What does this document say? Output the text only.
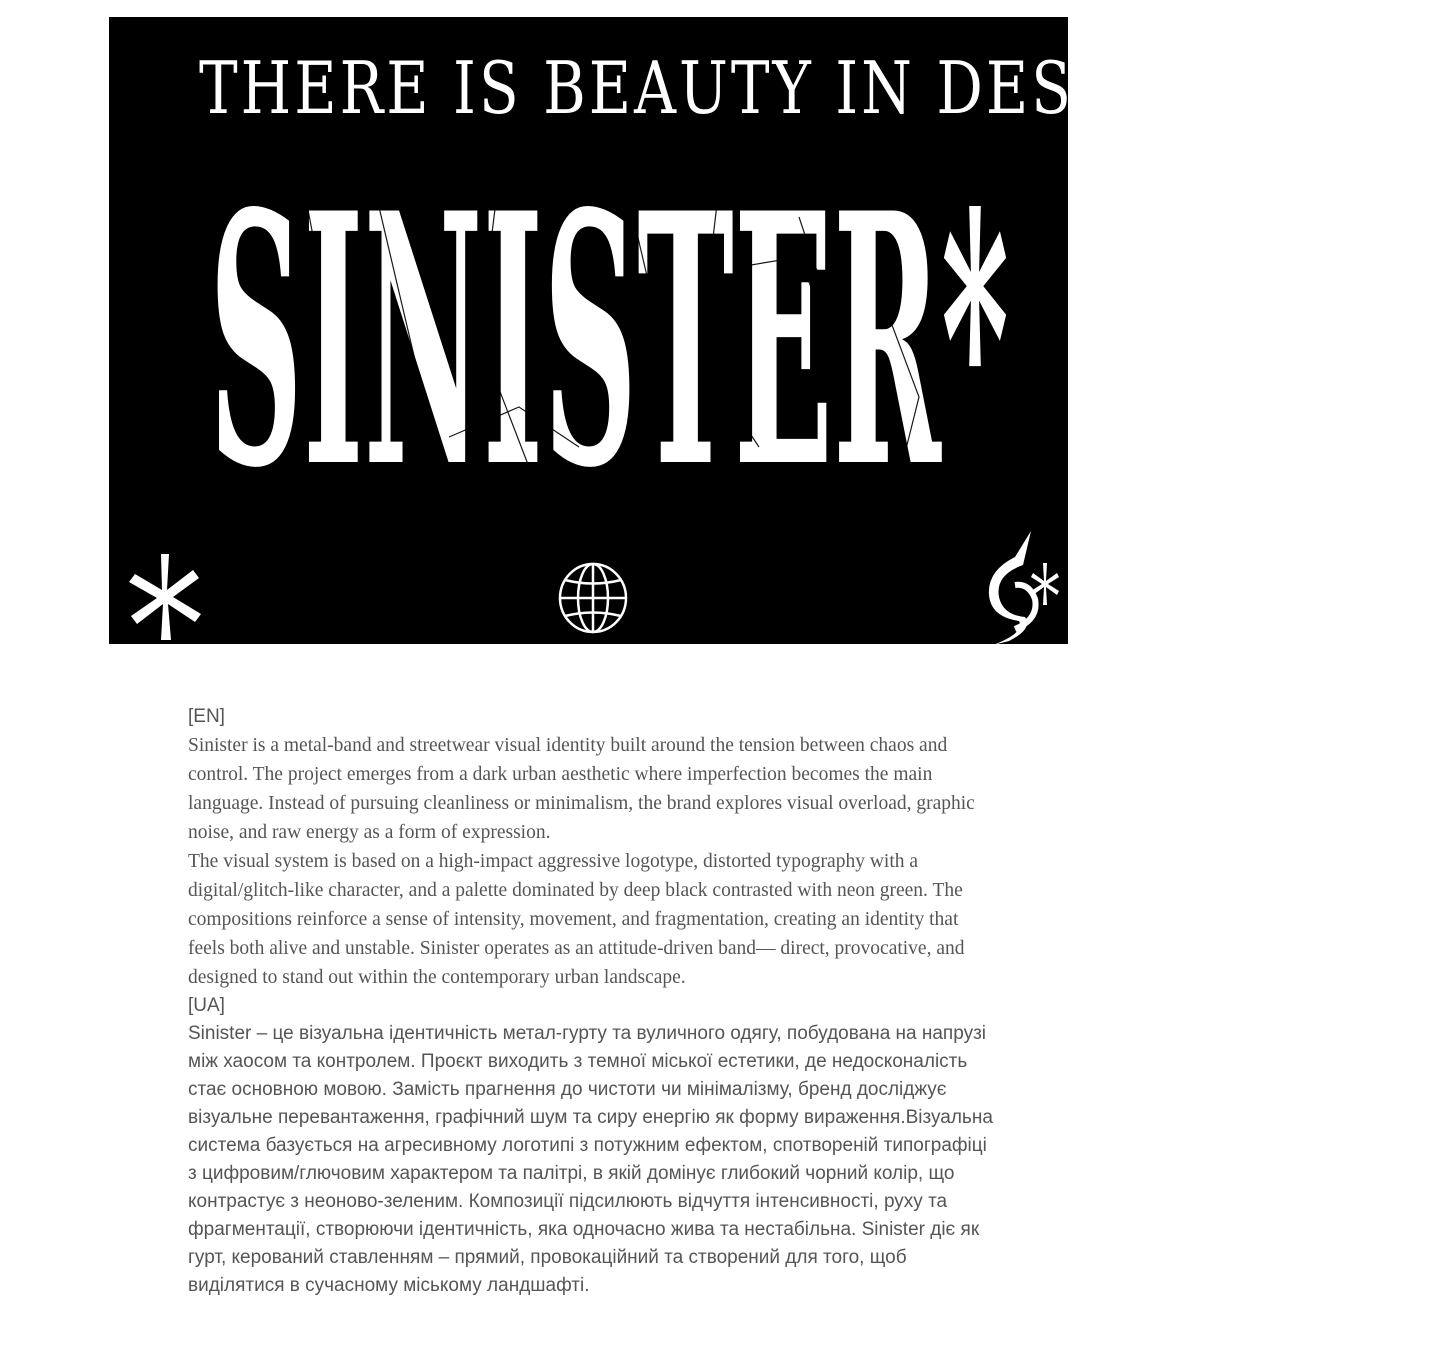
THERE IS BEAUTY IN DESTRUCTION
SINISTER*

[EN]

Sinister is a metal-band and streetwear visual identity built around the tension between chaos and control. The project emerges from a dark urban aesthetic where imperfection becomes the main language. Instead of pursuing cleanliness or minimalism, the brand explores visual overload, graphic noise, and raw energy as a form of expression.

The visual system is based on a high-impact aggressive logotype, distorted typography with a digital/glitch-like character, and a palette dominated by deep black contrasted with neon green. The compositions reinforce a sense of intensity, movement, and fragmentation, creating an identity that feels both alive and unstable. Sinister operates as an attitude-driven band— direct, provocative, and designed to stand out within the contemporary urban landscape.

[UA]

Sinister – це візуальна ідентичність метал-гурту та вуличного одягу, побудована на напрузі між хаосом та контролем. Проєкт виходить з темної міської естетики, де недосконалість стає основною мовою. Замість прагнення до чистоти чи мінімалізму, бренд досліджує візуальне перевантаження, графічний шум та сиру енергію як форму вираження.Візуальна система базується на агресивному логотипі з потужним ефектом, спотвореній типографіці з цифровим/глючовим характером та палітрі, в якій домінує глибокий чорний колір, що контрастує з неоново-зеленим. Композиції підсилюють відчуття інтенсивності, руху та фрагментації, створюючи ідентичність, яка одночасно жива та нестабільна. Sinister діє як гурт, керований ставленням – прямий, провокаційний та створений для того, щоб виділятися в сучасному міському ландшафті.
